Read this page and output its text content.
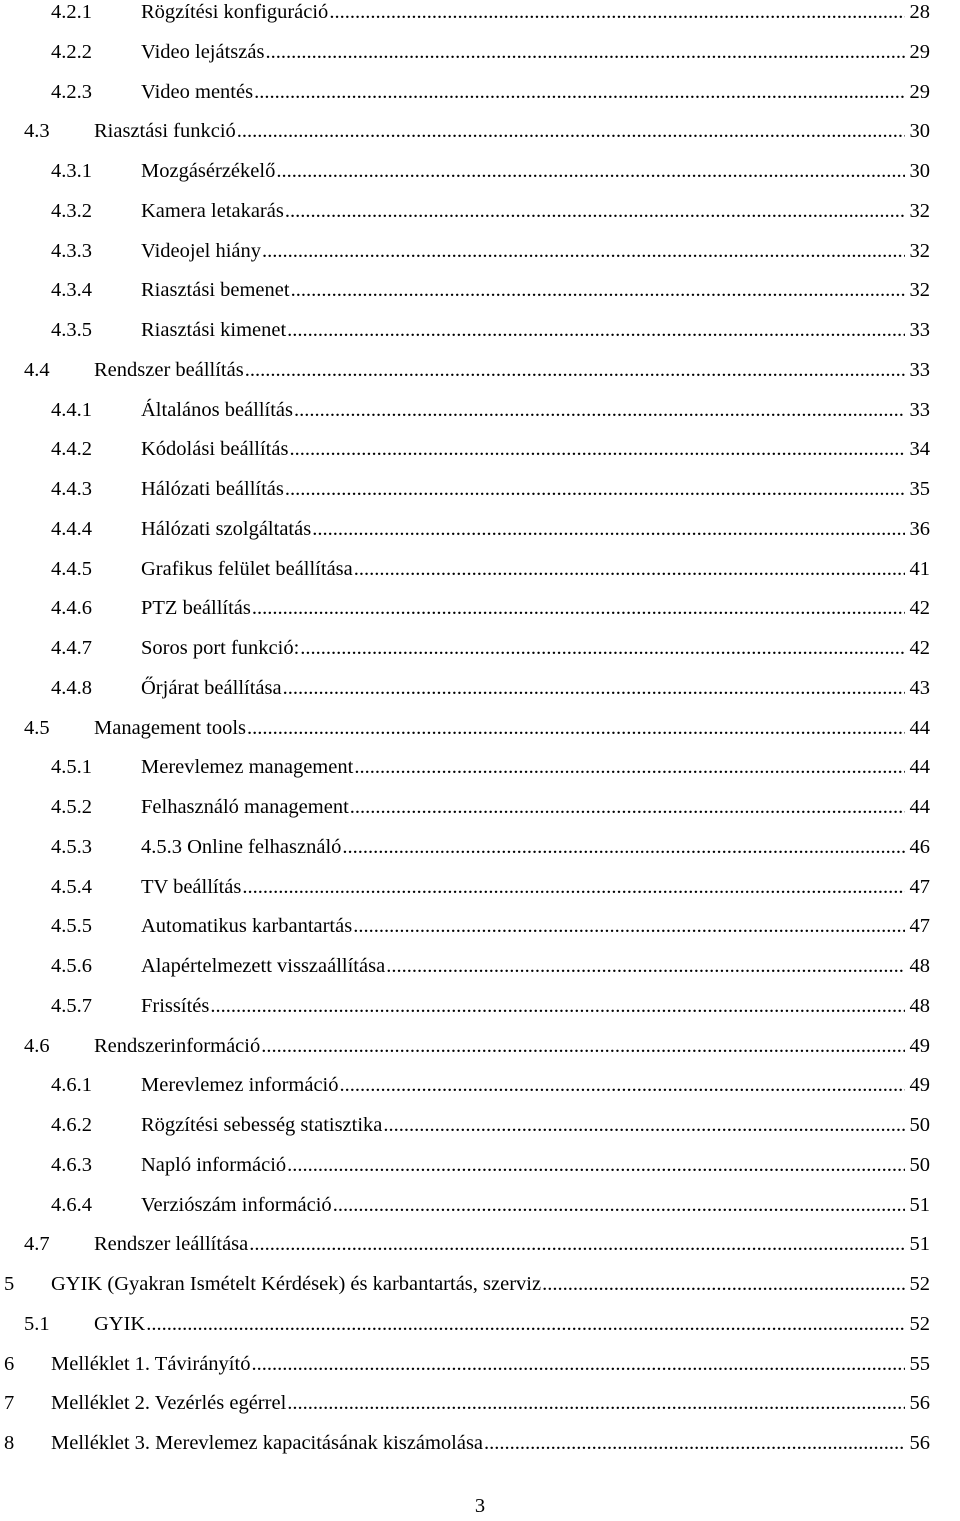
4.2.1 Rögzítési konfiguráció .....	28
4.2.2 Video lejátszás .....	29
4.2.3 Video mentés .....	29
4.3 Riasztási funkció .....	30
4.3.1 Mozgásérzékelő .....	30
4.3.2 Kamera letakarás .....	32
4.3.3 Videojel hiány .....	32
4.3.4 Riasztási bemenet .....	32
4.3.5 Riasztási kimenet .....	33
4.4 Rendszer beállítás .....	33
4.4.1 Általános beállítás .....	33
4.4.2 Kódolási beállítás .....	34
4.4.3 Hálózati beállítás .....	35
4.4.4 Hálózati szolgáltatás .....	36
4.4.5 Grafikus felület beállítása .....	41
4.4.6 PTZ beállítás .....	42
4.4.7 Soros port funkció: .....	42
4.4.8 Őrjárat beállítása .....	43
4.5 Management tools .....	44
4.5.1 Merevlemez management .....	44
4.5.2 Felhasználó management .....	44
4.5.3 4.5.3 Online felhasználó .....	46
4.5.4 TV beállítás .....	47
4.5.5 Automatikus karbantartás .....	47
4.5.6 Alapértelmezett visszaállítása .....	48
4.5.7 Frissítés .....	48
4.6 Rendszerinformáció .....	49
4.6.1 Merevlemez információ .....	49
4.6.2 Rögzítési sebesség statisztika .....	50
4.6.3 Napló információ .....	50
4.6.4 Verziószám információ .....	51
4.7 Rendszer leállítása .....	51
5 GYIK (Gyakran Ismételt Kérdések) és karbantartás, szerviz .....	52
5.1 GYIK .....	52
6 Melléklet 1. Távirányító .....	55
7 Melléklet 2. Vezérlés egérrel .....	56
8 Melléklet 3. Merevlemez kapacitásának kiszámolása .....	56
3
